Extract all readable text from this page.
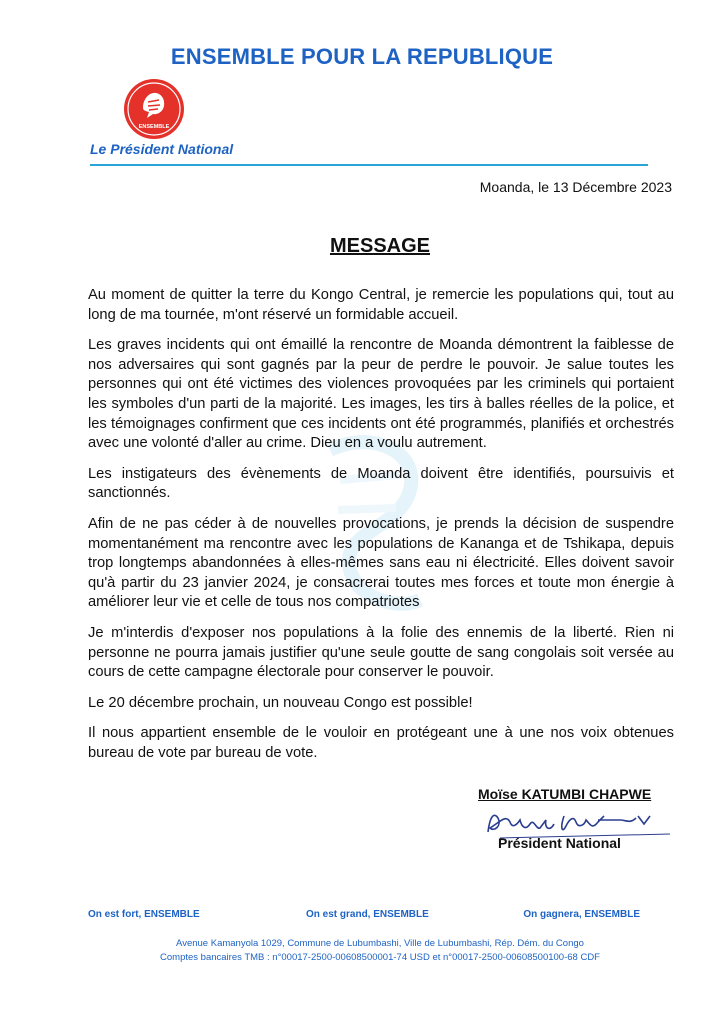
ENSEMBLE POUR LA REPUBLIQUE
ENSEMBLE
Le Président National
Moanda, le 13 Décembre 2023
MESSAGE

Au moment de quitter la terre du Kongo Central, je remercie les populations qui, tout au long de ma tournée, m'ont réservé un formidable accueil.

Les graves incidents qui ont émaillé la rencontre de Moanda démontrent la faiblesse de nos adversaires qui sont gagnés par la peur de perdre le pouvoir. Je salue toutes les personnes qui ont été victimes des violences provoquées par les criminels qui portaient les symboles d'un parti de la majorité. Les images, les tirs à balles réelles de la police, et les témoignages confirment que ces incidents ont été programmés, planifiés et orchestrés avec une volonté d'aller au crime. Dieu en a voulu autrement.

Les instigateurs des évènements de Moanda doivent être identifiés, poursuivis et sanctionnés.

Afin de ne pas céder à de nouvelles provocations, je prends la décision de suspendre momentanément ma rencontre avec les populations de Kananga et de Tshikapa, depuis trop longtemps abandonnées à elles-mêmes sans eau ni électricité. Elles doivent savoir qu'à partir du 23 janvier 2024, je consacrerai toutes mes forces et toute mon énergie à améliorer leur vie et celle de tous nos compatriotes

Je m'interdis d'exposer nos populations à la folie des ennemis de la liberté. Rien ni personne ne pourra jamais justifier qu'une seule goutte de sang congolais soit versée au cours de cette campagne électorale pour conserver le pouvoir.

Le 20 décembre prochain, un nouveau Congo est possible!

Il nous appartient ensemble de le vouloir en protégeant une à une nos voix obtenues bureau de vote par bureau de vote.

Moïse KATUMBI CHAPWE
Président National
On est fort, ENSEMBLE	On est grand, ENSEMBLE	On gagnera, ENSEMBLE
Avenue Kamanyola 1029, Commune de Lubumbashi, Ville de Lubumbashi, Rép. Dém. du Congo
Comptes bancaires TMB : n°00017-2500-00608500001-74 USD et n°00017-2500-00608500100-68 CDF
